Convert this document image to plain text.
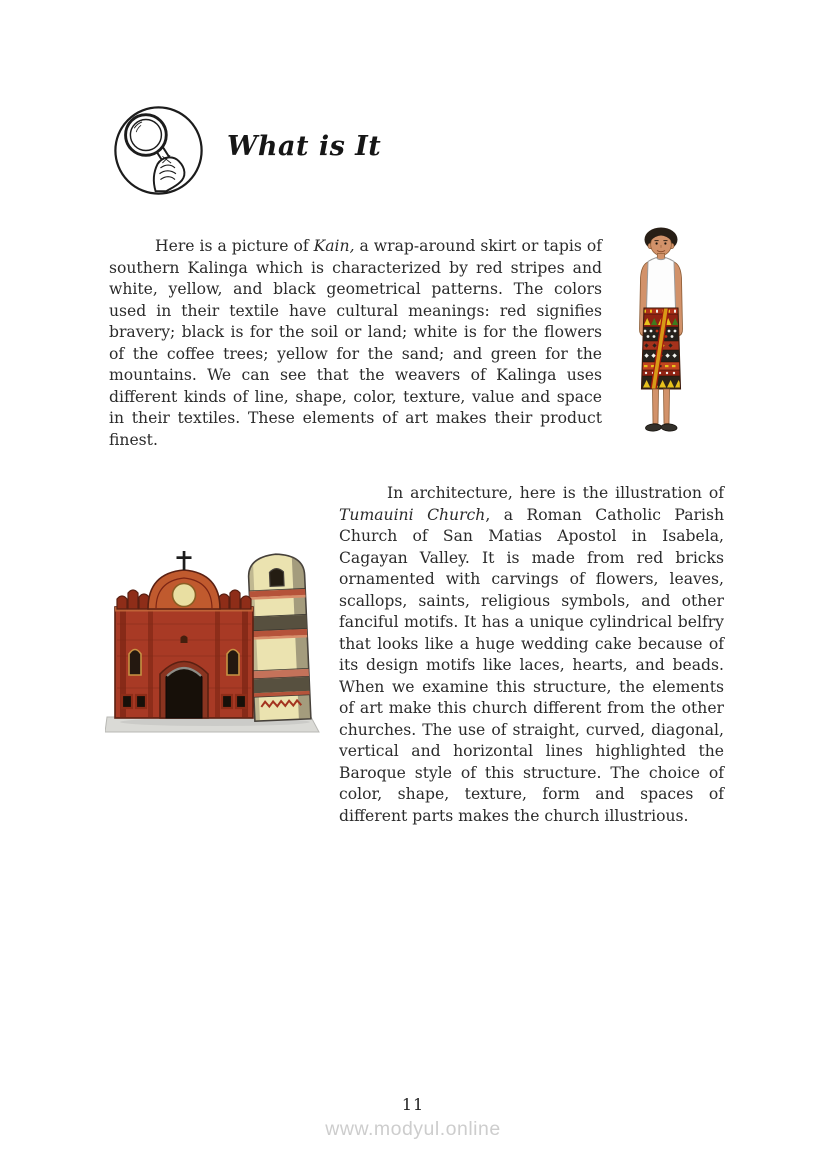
What is It

Here is a picture of Kain, a wrap-around skirt or tapis of southern Kalinga which is characterized by red stripes and white, yellow, and black geometrical patterns. The colors used in their textile have cultural meanings: red signifies bravery; black is for the soil or land; white is for the flowers of the coffee trees; yellow for the sand; and green for the mountains. We can see that the weavers of Kalinga uses different kinds of line, shape, color, texture, value and space in their textiles. These elements of art makes their product finest.

In architecture, here is the illustration of Tumauini Church, a Roman Catholic Parish Church of San Matias Apostol in Isabela, Cagayan Valley. It is made from red bricks ornamented with carvings of flowers, leaves, scallops, saints, religious symbols, and other fanciful motifs. It has a unique cylindrical belfry that looks like a huge wedding cake because of its design motifs like laces, hearts, and beads. When we examine this structure, the elements of art make this church different from the other churches. The use of straight, curved, diagonal, vertical and horizontal lines highlighted the Baroque style of this structure. The choice of color, shape, texture, form and spaces of different parts makes the church illustrious.

11
www.modyul.online
